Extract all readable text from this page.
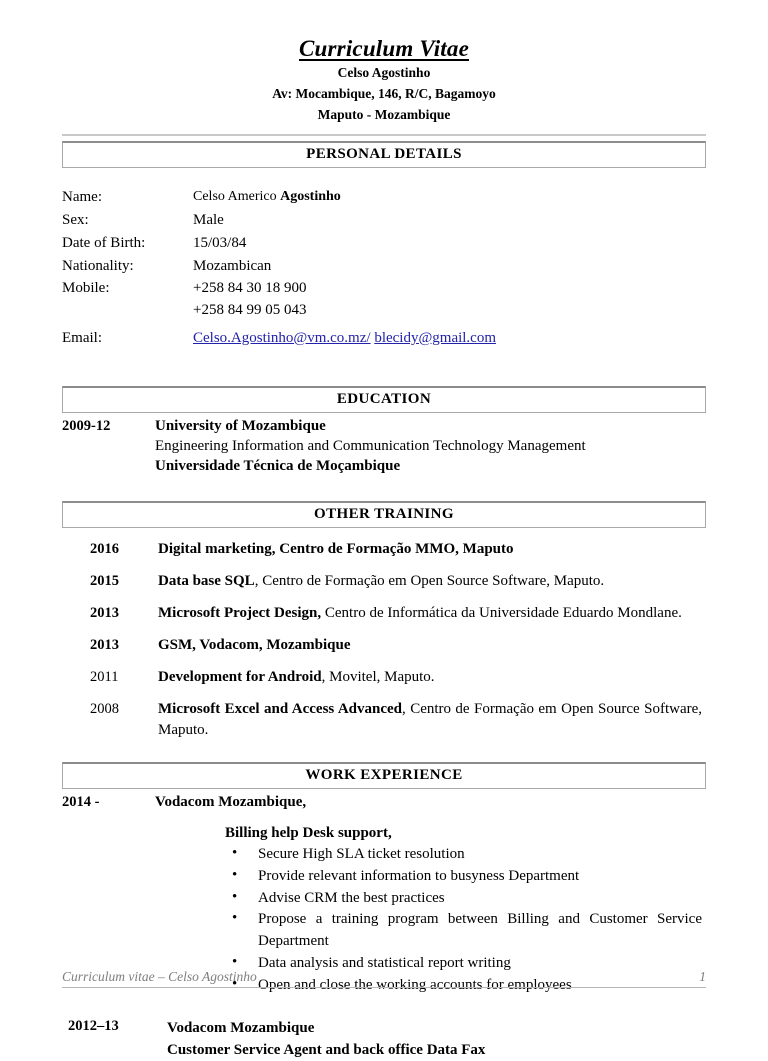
Curriculum Vitae
Celso Agostinho
Av: Mocambique, 146, R/C, Bagamoyo
Maputo - Mozambique
PERSONAL DETAILS
Name:	Celso Americo Agostinho
Sex:	Male
Date of Birth:	15/03/84
Nationality:	Mozambican
Mobile:	+258 84 30 18 900
+258 84 99 05 043
Email:	Celso.Agostinho@vm.co.mz/ blecidy@gmail.com
EDUCATION
2009-12	University of Mozambique
Engineering Information and Communication Technology Management
Universidade Técnica de Moçambique
OTHER TRAINING
2016	Digital marketing, Centro de Formação MMO, Maputo
2015	Data base SQL, Centro de Formação em Open Source Software, Maputo.
2013	Microsoft Project Design, Centro de Informática da Universidade Eduardo Mondlane.
2013	GSM, Vodacom, Mozambique
2011	Development for Android, Movitel, Maputo.
2008	Microsoft Excel and Access Advanced, Centro de Formação em Open Source Software, Maputo.
WORK EXPERIENCE
2014 -	Vodacom Mozambique,
Billing help Desk support,
• Secure High SLA ticket resolution
• Provide relevant information to busyness Department
• Advise CRM the best practices
• Propose a training program between Billing and Customer Service Department
• Data analysis and statistical report writing
• Open and close the working accounts for employees
2012–13	Vodacom Mozambique
Customer Service Agent and back office Data Fax
Curriculum vitae – Celso Agostinho	1
